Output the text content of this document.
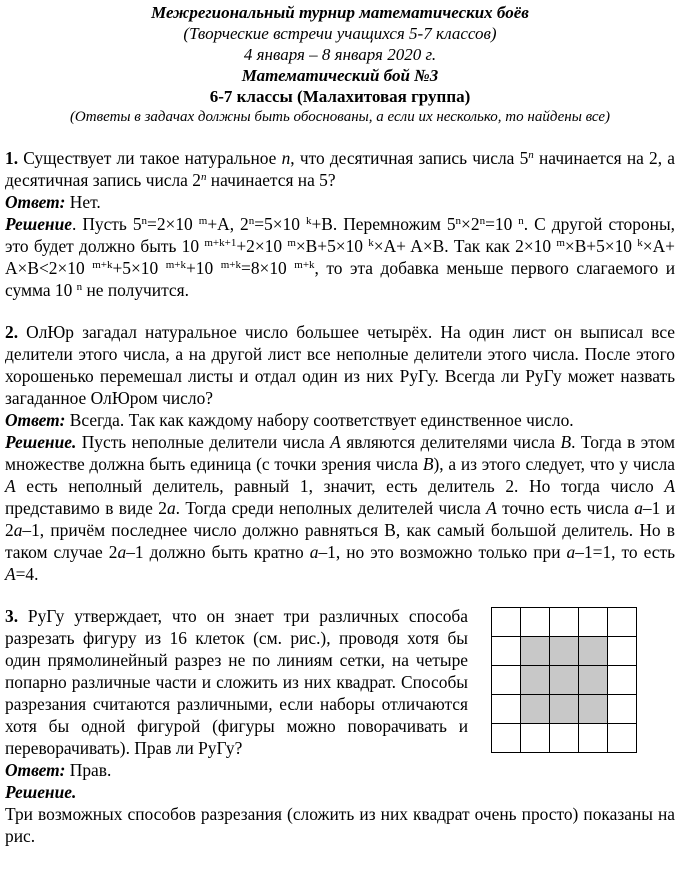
Межрегиональный турнир математических боёв
(Творческие встречи учащихся 5-7 классов)
4 января – 8 января 2020 г.
Математический бой №3
6-7 классы (Малахитовая группа)
(Ответы в задачах должны быть обоснованы, а если их несколько, то найдены все)

1. Существует ли такое натуральное n, что десятичная запись числа 5$^n$ начинается на 2, а десятичная запись числа 2$^n$ начинается на 5?

Ответ: Нет.

Решение. Пусть $5^n=2\times 10$ $^m$+A, $2^n=5\times 10$ $^k$+B. Перемножим $5^n\times 2^n=10$ $^n$. С другой стороны, это будет должно быть 10 $^{m+k+1}$+2×10 $^m$×B+5×10 $^k$×A+ A×B. Так как 2×10 $^m$×B+5×10 $^k$×A+ A×B<2×10 $^{m+k}$+5×10 $^{m+k}$+10 $^{m+k}$=8×10 $^{m+k}$, то эта добавка меньше первого слагаемого и сумма 10 $^n$ не получится.

2. ОлЮр загадал натуральное число большее четырёх. На один лист он выписал все делители этого числа, а на другой лист все неполные делители этого числа. После этого хорошенько перемешал листы и отдал один из них РуГу. Всегда ли РуГу может назвать загаданное ОлЮром число?

Ответ: Всегда. Так как каждому набору соответствует единственное число.

Решение. Пусть неполные делители числа A являются делителями числа B. Тогда в этом множестве должна быть единица (с точки зрения числа B), а из этого следует, что у числа A есть неполный делитель, равный 1, значит, есть делитель 2. Но тогда число A представимо в виде 2a. Тогда среди неполных делителей числа A точно есть числа a–1 и 2a–1, причём последнее число должно равняться В, как самый большой делитель. Но в таком случае 2a–1 должно быть кратно a–1, но это возможно только при a–1=1, то есть A=4.

3. РуГу утверждает, что он знает три различных способа разрезать фигуру из 16 клеток (см. рис.), проводя хотя бы один прямолинейный разрез не по линиям сетки, на четыре попарно различные части и сложить из них квадрат. Способы разрезания считаются различными, если наборы отличаются хотя бы одной фигурой (фигуры можно поворачивать и переворачивать). Прав ли РуГу?

Ответ: Прав.

Решение.

Три возможных способов разрезания (сложить из них квадрат очень просто) показаны на рис.
